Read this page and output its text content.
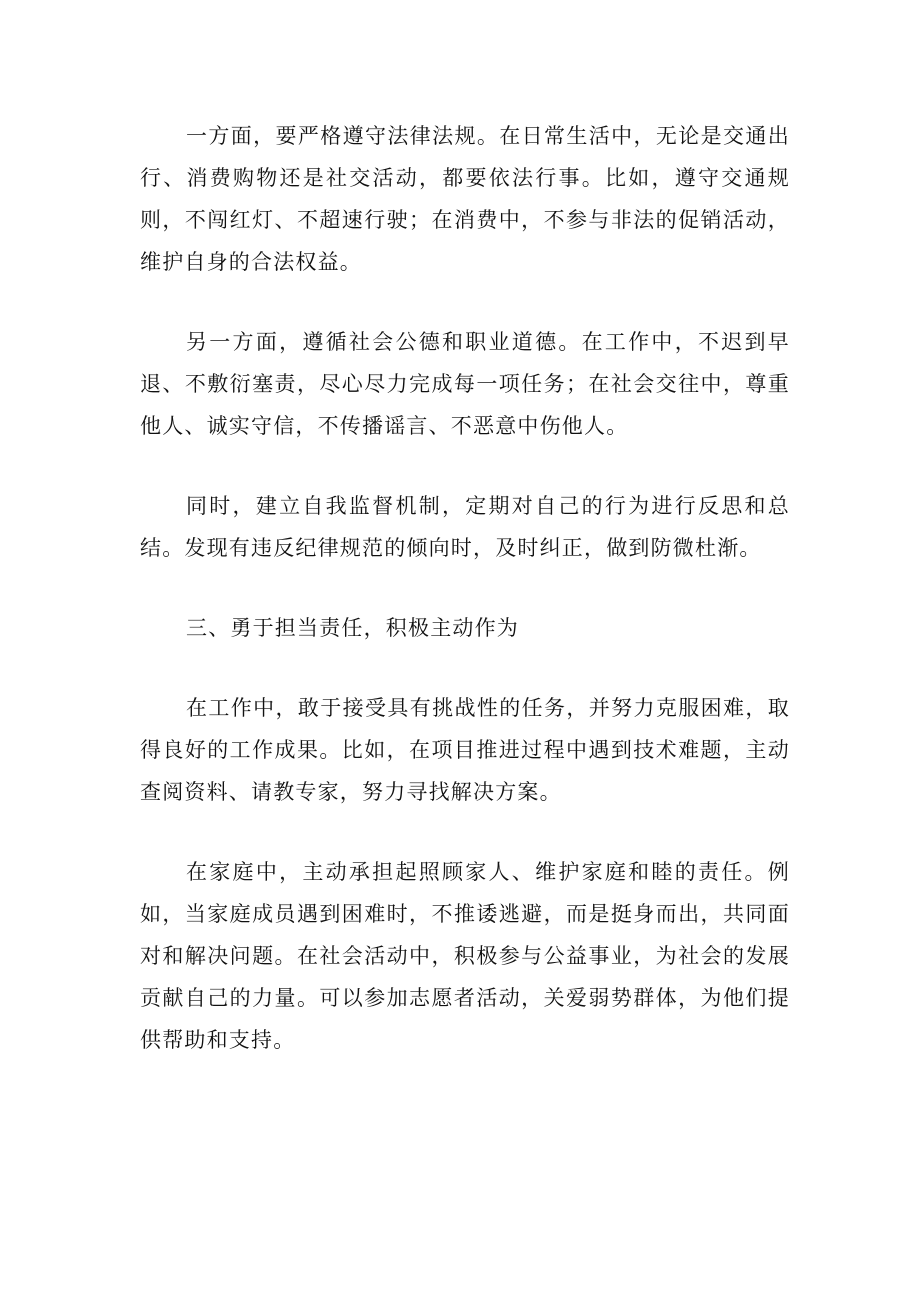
一方面，要严格遵守法律法规。在日常生活中，无论是交通出行、消费购物还是社交活动，都要依法行事。比如，遵守交通规则，不闯红灯、不超速行驶；在消费中，不参与非法的促销活动，维护自身的合法权益。

另一方面，遵循社会公德和职业道德。在工作中，不迟到早退、不敷衍塞责，尽心尽力完成每一项任务；在社会交往中，尊重他人、诚实守信，不传播谣言、不恶意中伤他人。

同时，建立自我监督机制，定期对自己的行为进行反思和总结。发现有违反纪律规范的倾向时，及时纠正，做到防微杜渐。

三、勇于担当责任，积极主动作为

在工作中，敢于接受具有挑战性的任务，并努力克服困难，取得良好的工作成果。比如，在项目推进过程中遇到技术难题，主动查阅资料、请教专家，努力寻找解决方案。

在家庭中，主动承担起照顾家人、维护家庭和睦的责任。例如，当家庭成员遇到困难时，不推诿逃避，而是挺身而出，共同面对和解决问题。在社会活动中，积极参与公益事业，为社会的发展贡献自己的力量。可以参加志愿者活动，关爱弱势群体，为他们提供帮助和支持。
